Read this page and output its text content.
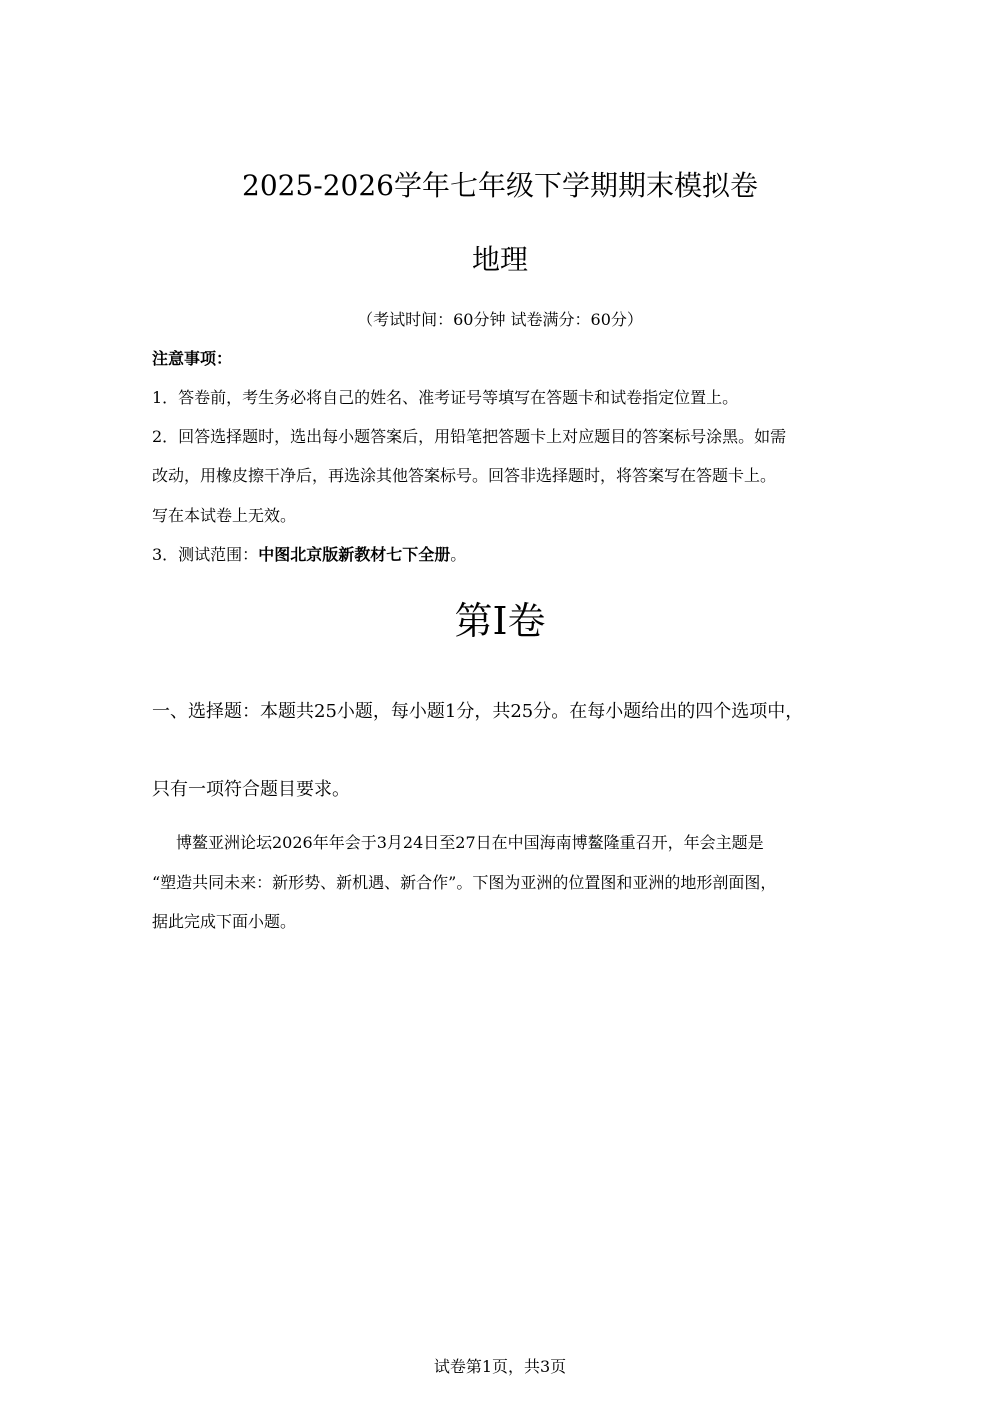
2025-2026学年七年级下学期期末模拟卷
地理
（考试时间：60分钟 试卷满分：60分）
注意事项：
1．答卷前，考生务必将自己的姓名、准考证号等填写在答题卡和试卷指定位置上。
2．回答选择题时，选出每小题答案后，用铅笔把答题卡上对应题目的答案标号涂黑。如需
改动，用橡皮擦干净后，再选涂其他答案标号。回答非选择题时，将答案写在答题卡上。
写在本试卷上无效。
3．测试范围：中图北京版新教材七下全册。
第Ⅰ卷
一、选择题：本题共25小题，每小题1分，共25分。在每小题给出的四个选项中，
只有一项符合题目要求。
博鳌亚洲论坛2026年年会于3月24日至27日在中国海南博鳌隆重召开，年会主题是
“塑造共同未来：新形势、新机遇、新合作”。下图为亚洲的位置图和亚洲的地形剖面图，
据此完成下面小题。
试卷第1页，共3页
